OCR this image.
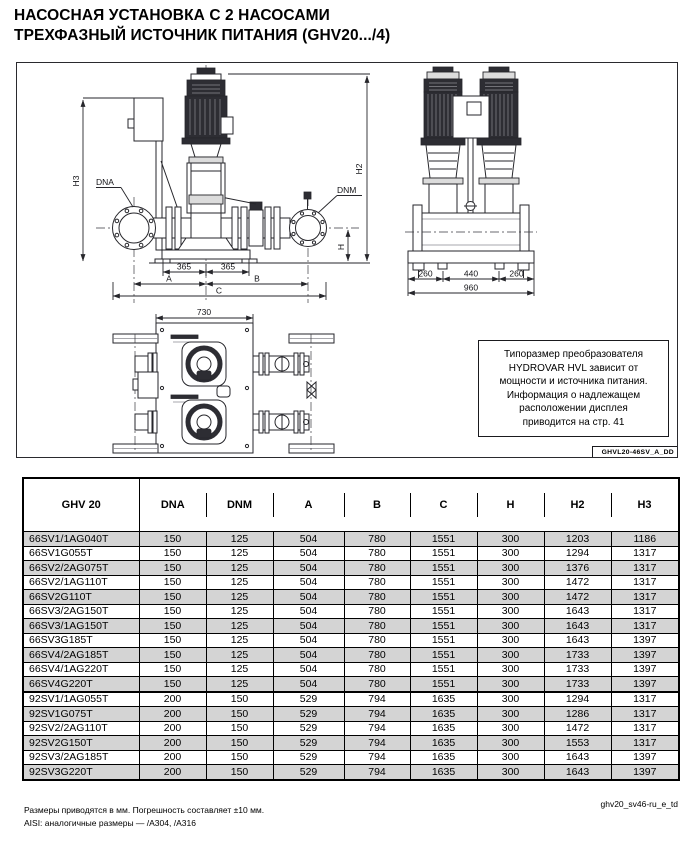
НАСОСНАЯ УСТАНОВКА С 2 НАСОСАМИ
ТРЕХФАЗНЫЙ ИСТОЧНИК ПИТАНИЯ (GHV20.../4)
DNA
DNM
H3
H2
H
365	365
A	B
C
260	440	260
960
730
Типоразмер преобразователя
HYDROVAR HVL зависит от
мощности и источника питания.
Информация о надлежащем
расположении дисплея
приводится на стр. 41
GHVL20-46SV_A_DD
GHV 20	DNA	DNM	A	B	C	H	H2	H3
66SV1/1AG040T	150	125	504	780	1551	300	1203	1186
66SV1G055T	150	125	504	780	1551	300	1294	1317
66SV2/2AG075T	150	125	504	780	1551	300	1376	1317
66SV2/1AG110T	150	125	504	780	1551	300	1472	1317
66SV2G110T	150	125	504	780	1551	300	1472	1317
66SV3/2AG150T	150	125	504	780	1551	300	1643	1317
66SV3/1AG150T	150	125	504	780	1551	300	1643	1317
66SV3G185T	150	125	504	780	1551	300	1643	1397
66SV4/2AG185T	150	125	504	780	1551	300	1733	1397
66SV4/1AG220T	150	125	504	780	1551	300	1733	1397
66SV4G220T	150	125	504	780	1551	300	1733	1397
92SV1/1AG055T	200	150	529	794	1635	300	1294	1317
92SV1G075T	200	150	529	794	1635	300	1286	1317
92SV2/2AG110T	200	150	529	794	1635	300	1472	1317
92SV2G150T	200	150	529	794	1635	300	1553	1317
92SV3/2AG185T	200	150	529	794	1635	300	1643	1397
92SV3G220T	200	150	529	794	1635	300	1643	1397
Размеры приводятся в мм. Погрешность составляет ±10 мм.
AISI: аналогичные размеры — /A304, /A316
ghv20_sv46-ru_e_td
